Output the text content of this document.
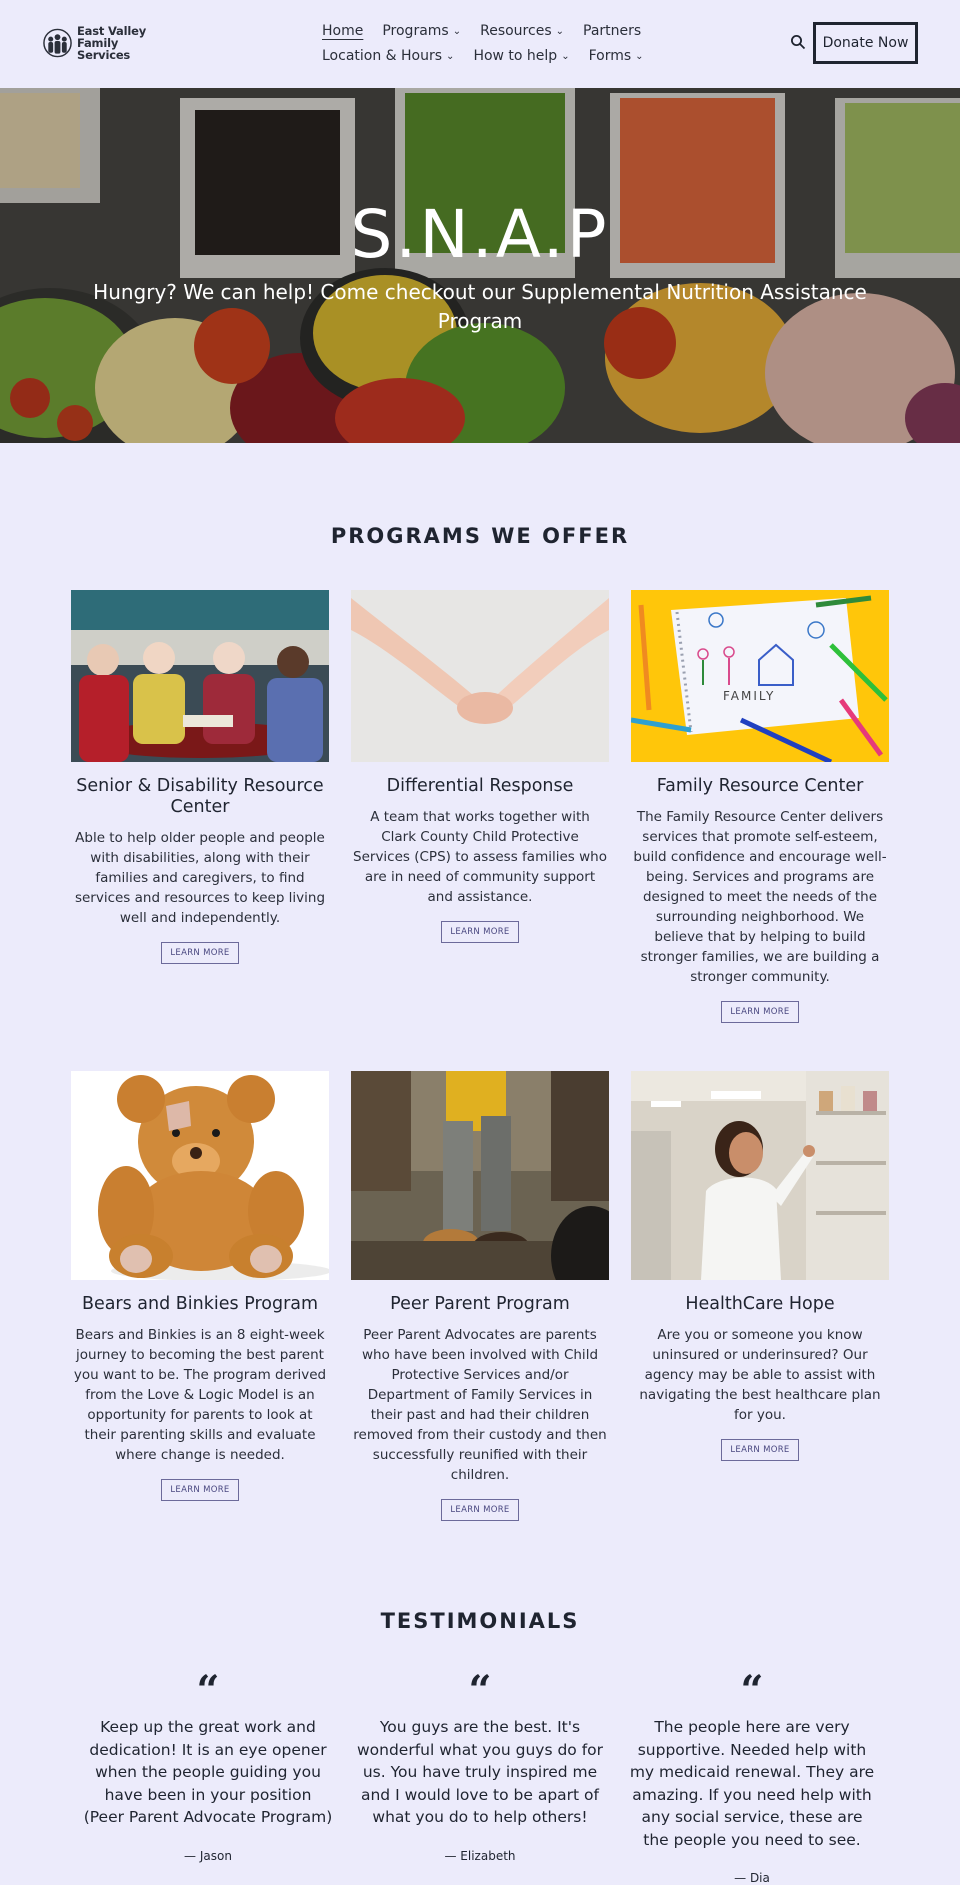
East Valley
Family Services
Home Programs ⌄ Resources ⌄ Partners
Location & Hours ⌄ How to help ⌄ Forms ⌄
Donate Now
S.N.A.P

Hungry? We can help! Come checkout our Supplemental Nutrition Assistance Program

PROGRAMS WE OFFER
Senior & Disability Resource Center

Able to help older people and people with disabilities, along with their families and caregivers, to find services and resources to keep living well and independently.

LEARN MORE
Differential Response

A team that works together with Clark County Child Protective Services (CPS) to assess families who are in need of community support and assistance.

LEARN MORE
FAMILY
Family Resource Center

The Family Resource Center delivers services that promote self-esteem, build confidence and encourage well-being. Services and programs are designed to meet the needs of the surrounding neighborhood. We believe that by helping to build stronger families, we are building a stronger community.

LEARN MORE
Bears and Binkies Program

Bears and Binkies is an 8 eight-week journey to becoming the best parent you want to be. The program derived from the Love & Logic Model is an opportunity for parents to look at their parenting skills and evaluate where change is needed.

LEARN MORE
Peer Parent Program

Peer Parent Advocates are parents who have been involved with Child Protective Services and/or Department of Family Services in their past and had their children removed from their custody and then successfully reunified with their children.

LEARN MORE
HealthCare Hope

Are you or someone you know uninsured or underinsured? Our agency may be able to assist with navigating the best healthcare plan for you.

LEARN MORE
TESTIMONIALS
“

Keep up the great work and dedication! It is an eye opener when the people guiding you have been in your position (Peer Parent Advocate Program)

— Jason
“

You guys are the best. It's wonderful what you guys do for us. You have truly inspired me and I would love to be apart of what you do to help others!

— Elizabeth
“

The people here are very supportive. Needed help with my medicaid renewal. They are amazing. If you need help with any social service, these are the people you need to see.

— Dia
